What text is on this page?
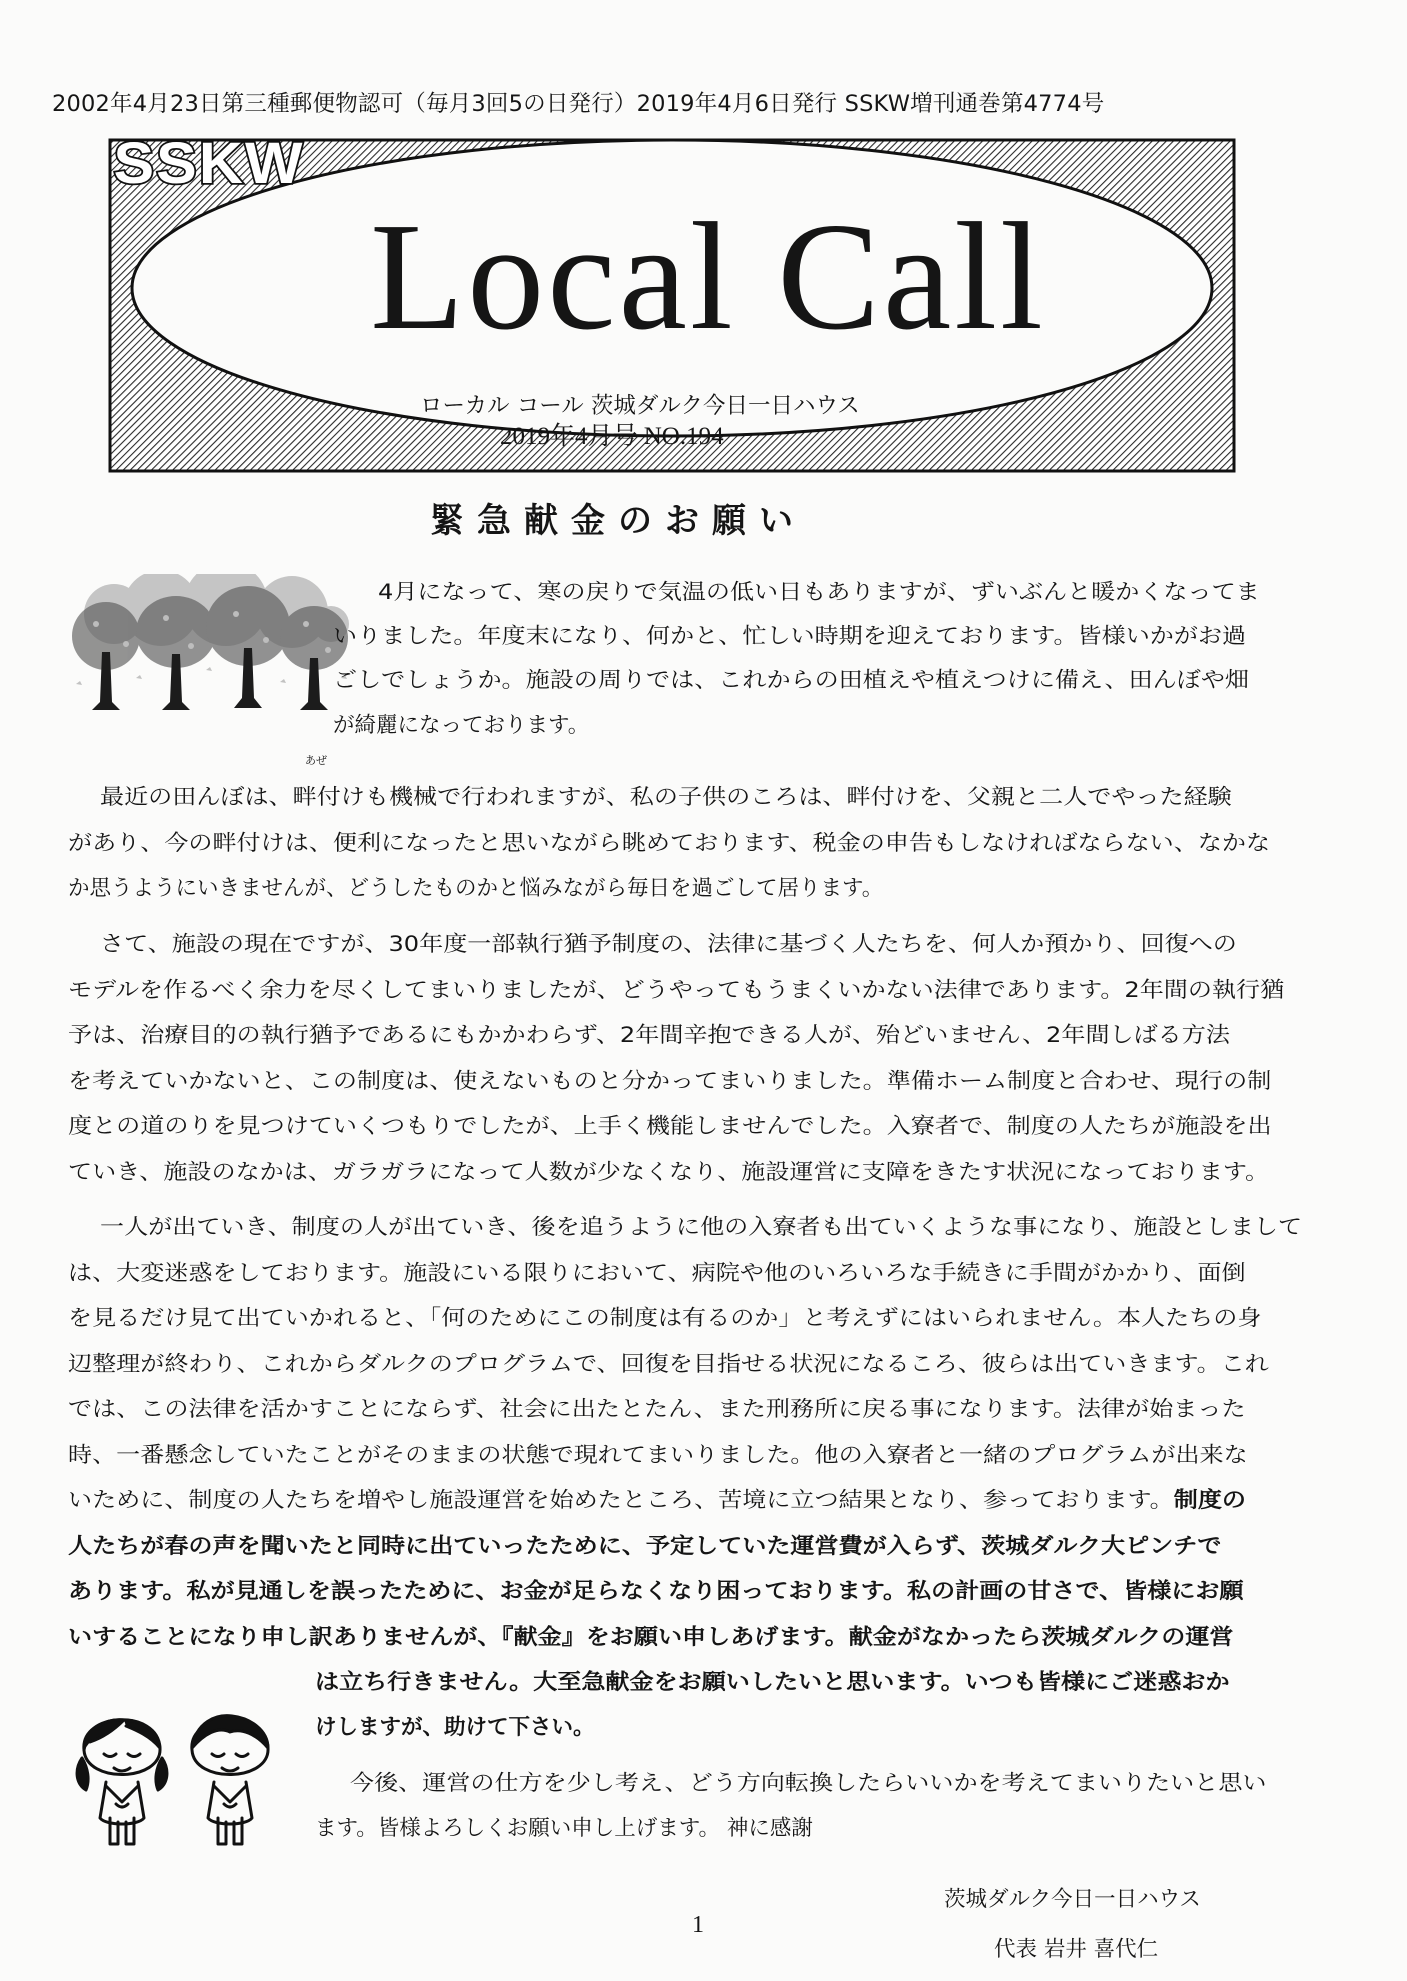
2002年4月23日第三種郵便物認可（毎月3回5の日発行）2019年4月6日発行 SSKW増刊通巻第4774号
SSKW
Local Call
ローカル コール 茨城ダルク今日一日ハウス
2019年4月号 NO.194
緊急献金のお願い
あぜ
4月になって、寒の戻りで気温の低い日もありますが、ずいぶんと暖かくなってま
いりました。年度末になり、何かと、忙しい時期を迎えております。皆様いかがお過
ごしでしょうか。施設の周りでは、これからの田植えや植えつけに備え、田んぼや畑
が綺麗になっております。
最近の田んぼは、畔付けも機械で行われますが、私の子供のころは、畔付けを、父親と二人でやった経験
があり、今の畔付けは、便利になったと思いながら眺めております、税金の申告もしなければならない、なかな
か思うようにいきませんが、どうしたものかと悩みながら毎日を過ごして居ります。
さて、施設の現在ですが、30年度一部執行猶予制度の、法律に基づく人たちを、何人か預かり、回復への
モデルを作るべく余力を尽くしてまいりましたが、どうやってもうまくいかない法律であります。2年間の執行猶
予は、治療目的の執行猶予であるにもかかわらず、2年間辛抱できる人が、殆どいません、2年間しばる方法
を考えていかないと、この制度は、使えないものと分かってまいりました。準備ホーム制度と合わせ、現行の制
度との道のりを見つけていくつもりでしたが、上手く機能しませんでした。入寮者で、制度の人たちが施設を出
ていき、施設のなかは、ガラガラになって人数が少なくなり、施設運営に支障をきたす状況になっております。
一人が出ていき、制度の人が出ていき、後を追うように他の入寮者も出ていくような事になり、施設としまして
は、大変迷惑をしております。施設にいる限りにおいて、病院や他のいろいろな手続きに手間がかかり、面倒
を見るだけ見て出ていかれると、「何のためにこの制度は有るのか」と考えずにはいられません。本人たちの身
辺整理が終わり、これからダルクのプログラムで、回復を目指せる状況になるころ、彼らは出ていきます。これ
では、この法律を活かすことにならず、社会に出たとたん、また刑務所に戻る事になります。法律が始まった
時、一番懸念していたことがそのままの状態で現れてまいりました。他の入寮者と一緒のプログラムが出来な
いために、制度の人たちを増やし施設運営を始めたところ、苦境に立つ結果となり、参っております。制度の
人たちが春の声を聞いたと同時に出ていったために、予定していた運営費が入らず、茨城ダルク大ピンチで
あります。私が見通しを誤ったために、お金が足らなくなり困っております。私の計画の甘さで、皆様にお願
いすることになり申し訳ありませんが、『献金』をお願い申しあげます。献金がなかったら茨城ダルクの運営
は立ち行きません。大至急献金をお願いしたいと思います。いつも皆様にご迷惑おか
けしますが、助けて下さい。
今後、運営の仕方を少し考え、どう方向転換したらいいかを考えてまいりたいと思い
ます。皆様よろしくお願い申し上げます。 神に感謝
茨城ダルク今日一日ハウス
代表 岩井 喜代仁
1
